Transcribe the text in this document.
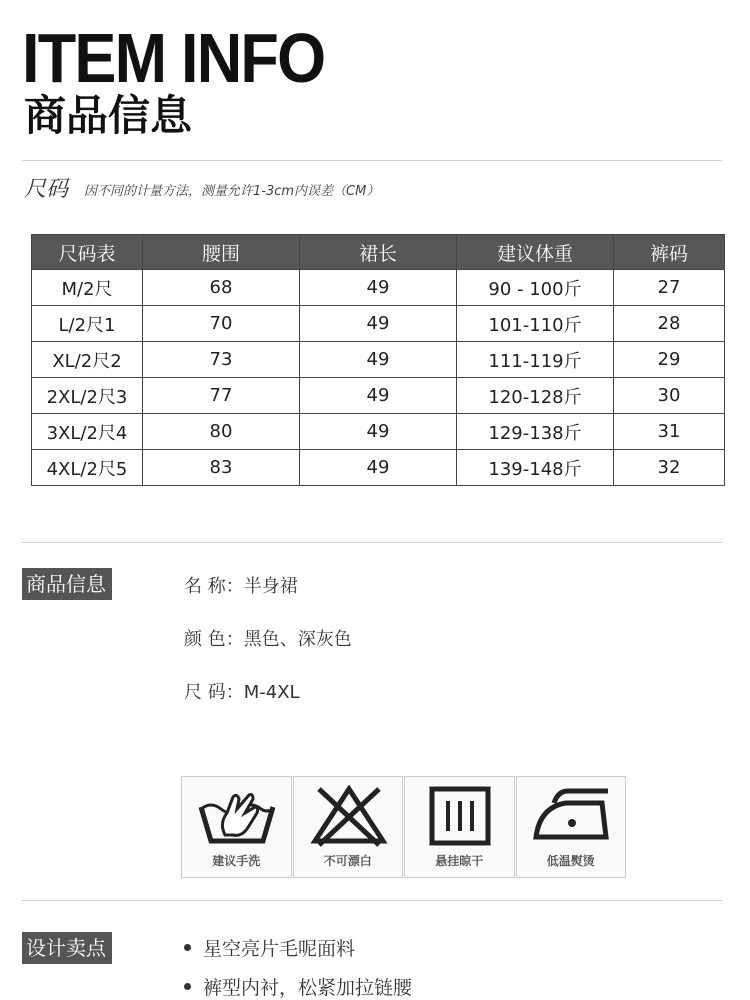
ITEM INFO
商品信息
尺码 因不同的计量方法，测量允许1-3cm内误差（CM）
尺码表	腰围	裙长	建议体重	裤码
M/2尺	68	49	90 - 100斤	27
L/2尺1	70	49	101-110斤	28
XL/2尺2	73	49	111-119斤	29
2XL/2尺3	77	49	120-128斤	30
3XL/2尺4	80	49	129-138斤	31
4XL/2尺5	83	49	139-148斤	32
商品信息	名 称：半身裙
颜 色：黑色、深灰色
尺 码：M-4XL
建议手洗	不可漂白	悬挂晾干	低温熨烫
设计卖点	星空亮片毛呢面料
裤型内衬，松紧加拉链腰
